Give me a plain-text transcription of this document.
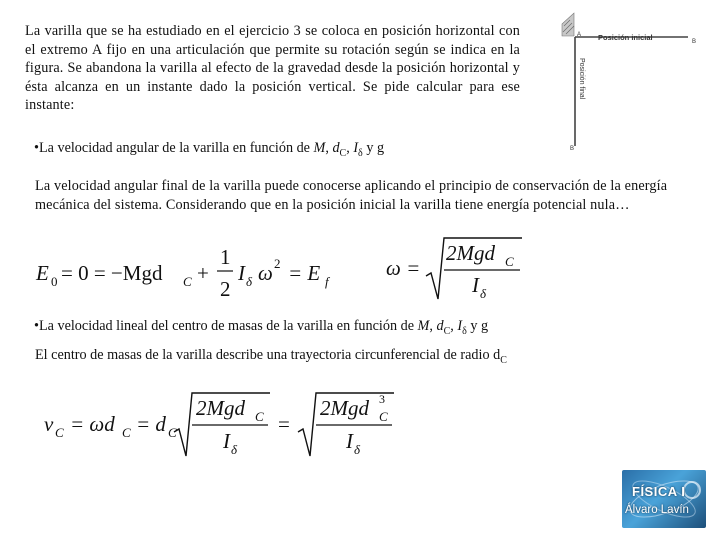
La varilla que se ha estudiado en el ejercicio 3 se coloca en posición horizontal con el extremo A fijo en una articulación que permite su rotación según se indica en la figura. Se abandona la varilla al efecto de la gravedad desde la posición horizontal y ésta alcanza en un instante dado la posición vertical. Se pide calcular para ese instante:
A Posición inicial	B
Posición final
B
•La velocidad angular de la varilla en función de M, $d_C$, $I_\delta$ y g
La velocidad angular final de la varilla puede conocerse aplicando el principio de conservación de la energía mecánica del sistema. Considerando que en la posición inicial la varilla tiene energía potencial nula…
E 0 = 0 = −Mgd C +
1
2
I δ ω 2 = E f
ω =
2Mgd C
I δ
•La velocidad lineal del centro de masas de la varilla en función de M, $d_C$, $I_\delta$ y g
El centro de masas de la varilla describe una trayectoria circunferencial de radio $d_C$
v C = ωd C = d C
2Mgd C
I δ
=
2Mgd C
3
I δ
FÍSICA I
Álvaro Lavín
